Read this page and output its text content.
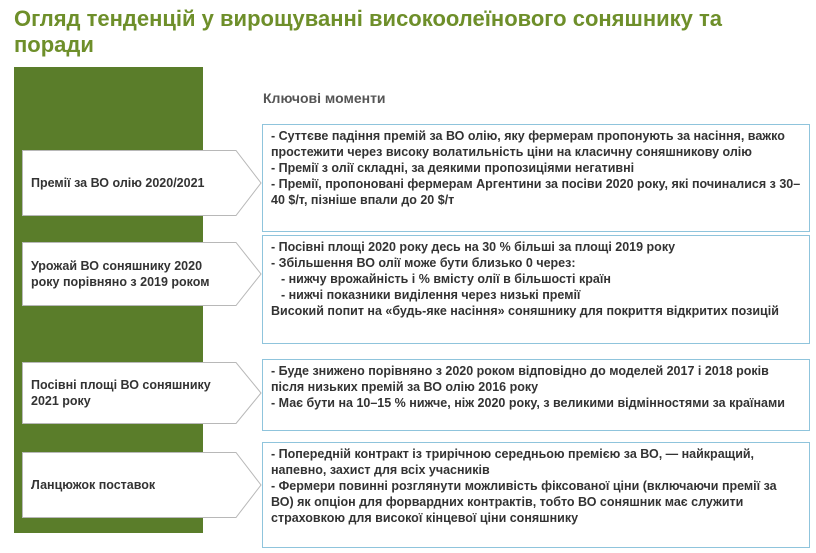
Огляд тенденцій у вирощуванні високоолеїнового соняшнику та поради
Ключові моменти
Премії за ВО олію 2020/2021

- Суттєве падіння премій за ВО олію, яку фермерам пропонують за насіння, важко простежити через високу волатильність ціни на класичну соняшникову олію

- Премії з олії складні, за деякими пропозиціями негативні

- Премії, пропоновані фермерам Аргентини за посіви 2020 року, які починалися з 30–40 $/т, пізніше впали до 20 $/т

Урожай ВО соняшнику 2020 року порівняно з 2019 роком

- Посівні площі 2020 року десь на 30 % більші за площі 2019 року

- Збільшення ВО олії може бути близько 0 через:

- нижчу врожайність і % вмісту олії в більшості країн

- нижчі показники виділення через низькі премії

Високий попит на «будь-яке насіння» соняшнику для покриття відкритих позицій

Посівні площі ВО соняшнику 2021 року

- Буде знижено порівняно з 2020 роком відповідно до моделей 2017 і 2018 років після низьких премій за ВО олію 2016 року

- Має бути на 10–15 % нижче, ніж 2020 року, з великими відмінностями за країнами

Ланцюжок поставок

- Попередній контракт із трирічною середньою премією за ВО, — найкращий, напевно, захист для всіх учасників

- Фермери повинні розглянути можливість фіксованої ціни (включаючи премії за ВО) як опціон для форвардних контрактів, тобто ВО соняшник має служити страховкою для високої кінцевої ціни соняшнику
